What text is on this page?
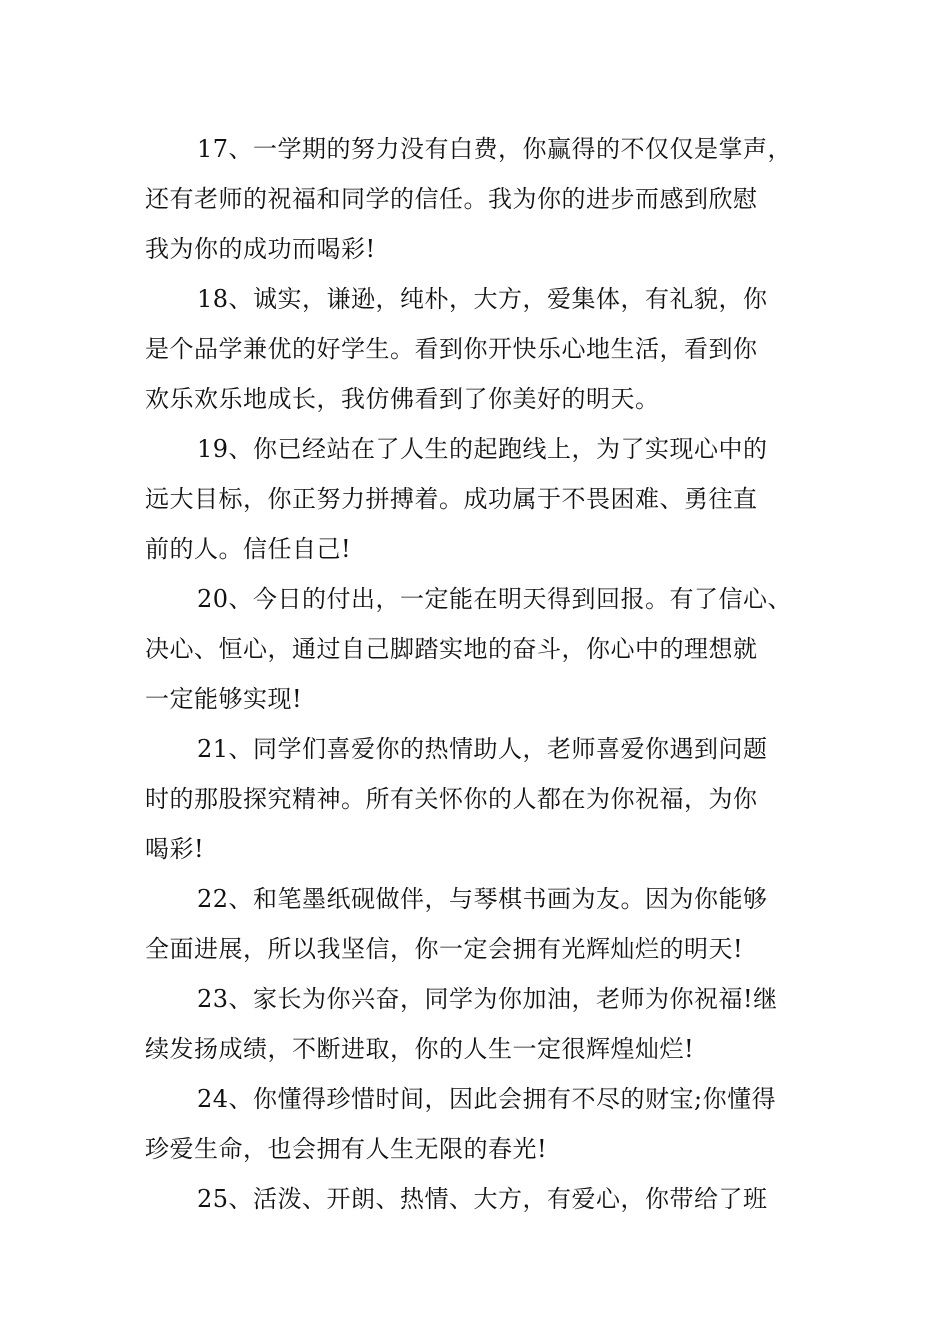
17、一学期的努力没有白费，你赢得的不仅仅是掌声，
还有老师的祝福和同学的信任。我为你的进步而感到欣慰
我为你的成功而喝彩!
18、诚实，谦逊，纯朴，大方，爱集体，有礼貌，你
是个品学兼优的好学生。看到你开快乐心地生活，看到你
欢乐欢乐地成长，我仿佛看到了你美好的明天。
19、你已经站在了人生的起跑线上，为了实现心中的
远大目标，你正努力拼搏着。成功属于不畏困难、勇往直
前的人。信任自己!
20、今日的付出，一定能在明天得到回报。有了信心、
决心、恒心，通过自己脚踏实地的奋斗，你心中的理想就
一定能够实现!
21、同学们喜爱你的热情助人，老师喜爱你遇到问题
时的那股探究精神。所有关怀你的人都在为你祝福，为你
喝彩!
22、和笔墨纸砚做伴，与琴棋书画为友。因为你能够
全面进展，所以我坚信，你一定会拥有光辉灿烂的明天!
23、家长为你兴奋，同学为你加油，老师为你祝福!继
续发扬成绩，不断进取，你的人生一定很辉煌灿烂!
24、你懂得珍惜时间，因此会拥有不尽的财宝;你懂得
珍爱生命，也会拥有人生无限的春光!
25、活泼、开朗、热情、大方，有爱心，你带给了班
